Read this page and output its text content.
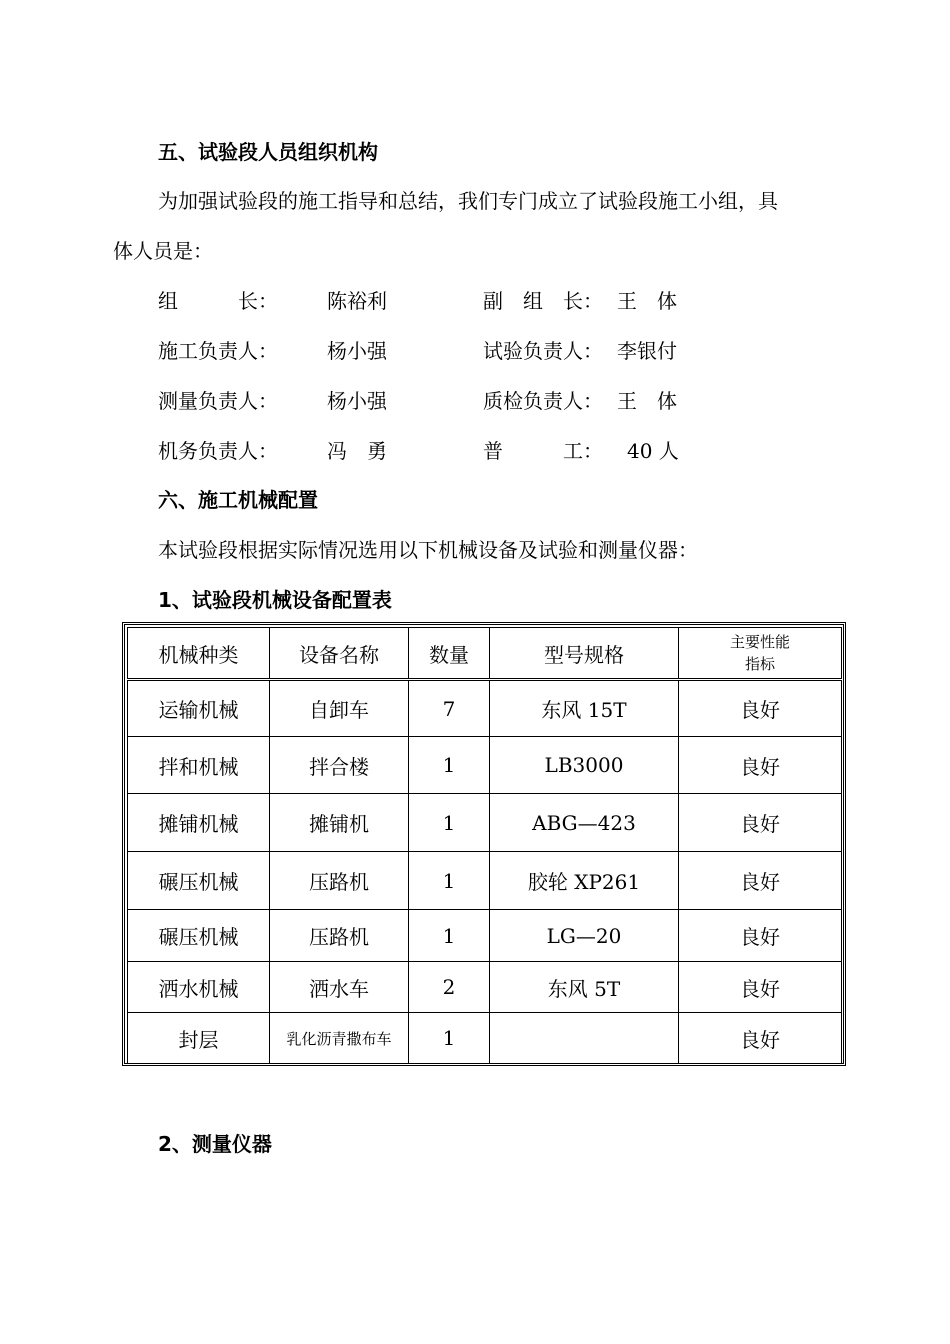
五、试验段人员组织机构
为加强试验段的施工指导和总结，我们专门成立了试验段施工小组，具
体人员是：
组　　　长： 陈裕利	副　组　长： 王　体
施工负责人： 杨小强	试验负责人： 李银付
测量负责人： 杨小强	质检负责人： 王　体
机务负责人： 冯　勇	普　　　工： 40 人
六、施工机械配置
本试验段根据实际情况选用以下机械设备及试验和测量仪器：
1、试验段机械设备配置表
机械种类	设备名称	数量	型号规格	主要性能
指标

运输机械	自卸车	7	东风 15T	良好
拌和机械	拌合楼	1	LB3000	良好
摊铺机械	摊铺机	1	ABG—423	良好
碾压机械	压路机	1	胶轮 XP261	良好
碾压机械	压路机	1	LG—20	良好
洒水机械	洒水车	2	东风 5T	良好
封层	乳化沥青撒布车	1		良好
2、测量仪器
